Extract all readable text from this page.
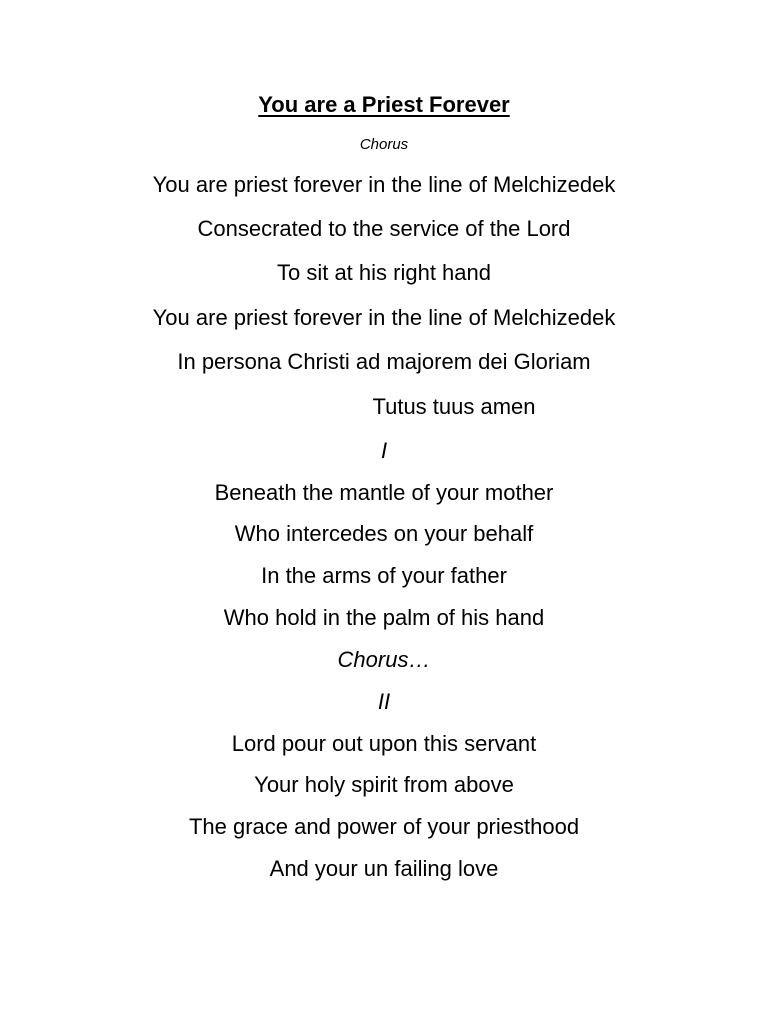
You are a Priest Forever
Chorus
You are priest forever in the line of Melchizedek
Consecrated to the service of the Lord
To sit at his right hand
You are priest forever in the line of Melchizedek
In persona Christi ad majorem dei Gloriam
Tutus tuus amen
I
Beneath the mantle of your mother
Who intercedes on your behalf
In the arms of your father
Who hold in the palm of his hand
Chorus…
II
Lord pour out upon this servant
Your holy spirit from above
The grace and power of your priesthood
And your un failing love
